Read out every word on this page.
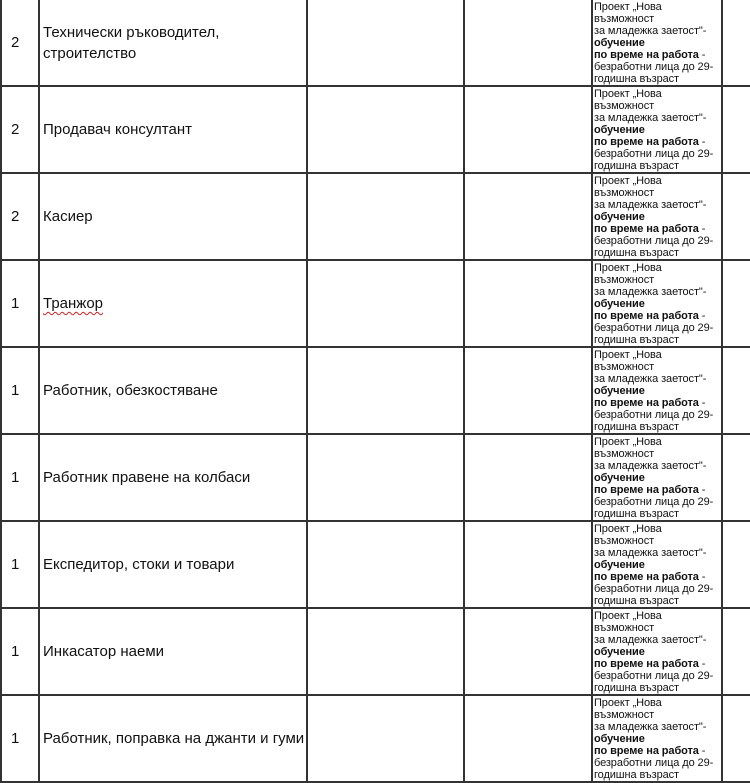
2	Технически ръководител,
строителство			Проект „Нова възможност
за младежка заетост"- обучение
по време на работа -
безработни лица до 29-
годишна възраст	
2	Продавач консултант			Проект „Нова възможност
за младежка заетост"- обучение
по време на работа -
безработни лица до 29-
годишна възраст	
2	Касиер			Проект „Нова възможност
за младежка заетост"- обучение
по време на работа -
безработни лица до 29-
годишна възраст	
1	Транжор			Проект „Нова възможност
за младежка заетост"- обучение
по време на работа -
безработни лица до 29-
годишна възраст	
1	Работник, обезкостяване			Проект „Нова възможност
за младежка заетост"- обучение
по време на работа -
безработни лица до 29-
годишна възраст	
1	Работник правене на колбаси			Проект „Нова възможност
за младежка заетост"- обучение
по време на работа -
безработни лица до 29-
годишна възраст	
1	Експедитор, стоки и товари			Проект „Нова възможност
за младежка заетост"- обучение
по време на работа -
безработни лица до 29-
годишна възраст	
1	Инкасатор наеми			Проект „Нова възможност
за младежка заетост"- обучение
по време на работа -
безработни лица до 29-
годишна възраст	
1	Работник, поправка на джанти и гуми			Проект „Нова възможност
за младежка заетост"- обучение
по време на работа -
безработни лица до 29-
годишна възраст	
